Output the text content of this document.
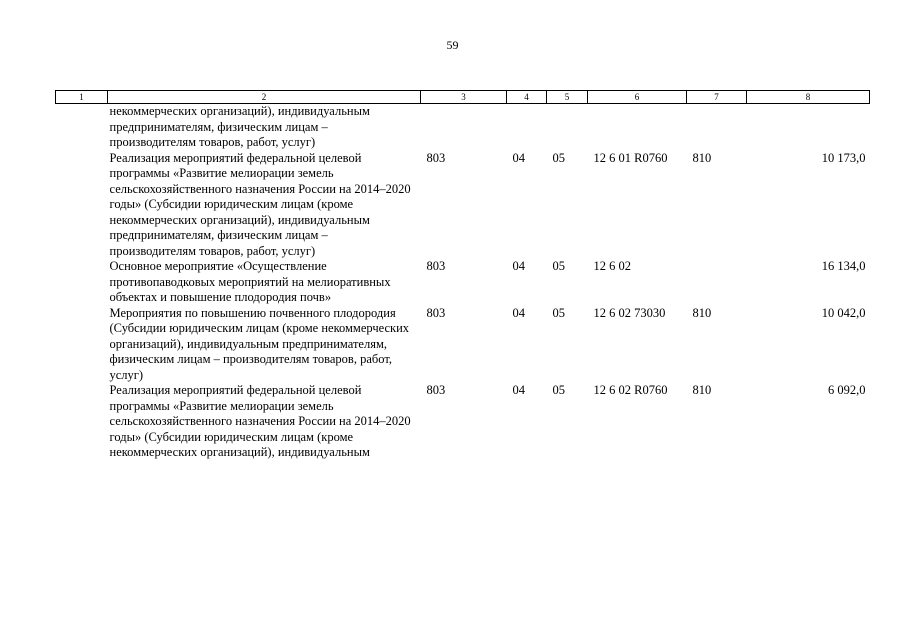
59
1	2	3	4	5	6	7	8
	некоммерческих организаций), индивидуальным предпринимателям, физическим лицам – производителям товаров, работ, услуг)						
	Реализация мероприятий федеральной целевой программы «Развитие мелиорации земель сельскохозяйственного назначения России на 2014–2020 годы» (Субсидии юридическим лицам (кроме некоммерческих организаций), индивидуальным предпринимателям, физическим лицам – производителям товаров, работ, услуг)	803	04	05	12 6 01 R0760	810	10 173,0
	Основное мероприятие «Осуществление противопаводковых мероприятий на мелиоративных объектах и повышение плодородия почв»	803	04	05	12 6 02		16 134,0
	Мероприятия по повышению почвенного плодородия (Субсидии юридическим лицам (кроме некоммерческих организаций), индивидуальным предпринимателям, физическим лицам – производителям товаров, работ, услуг)	803	04	05	12 6 02 73030	810	10 042,0
	Реализация мероприятий федеральной целевой программы «Развитие мелиорации земель сельскохозяйственного назначения России на 2014–2020 годы» (Субсидии юридическим лицам (кроме некоммерческих организаций), индивидуальным	803	04	05	12 6 02 R0760	810	6 092,0
